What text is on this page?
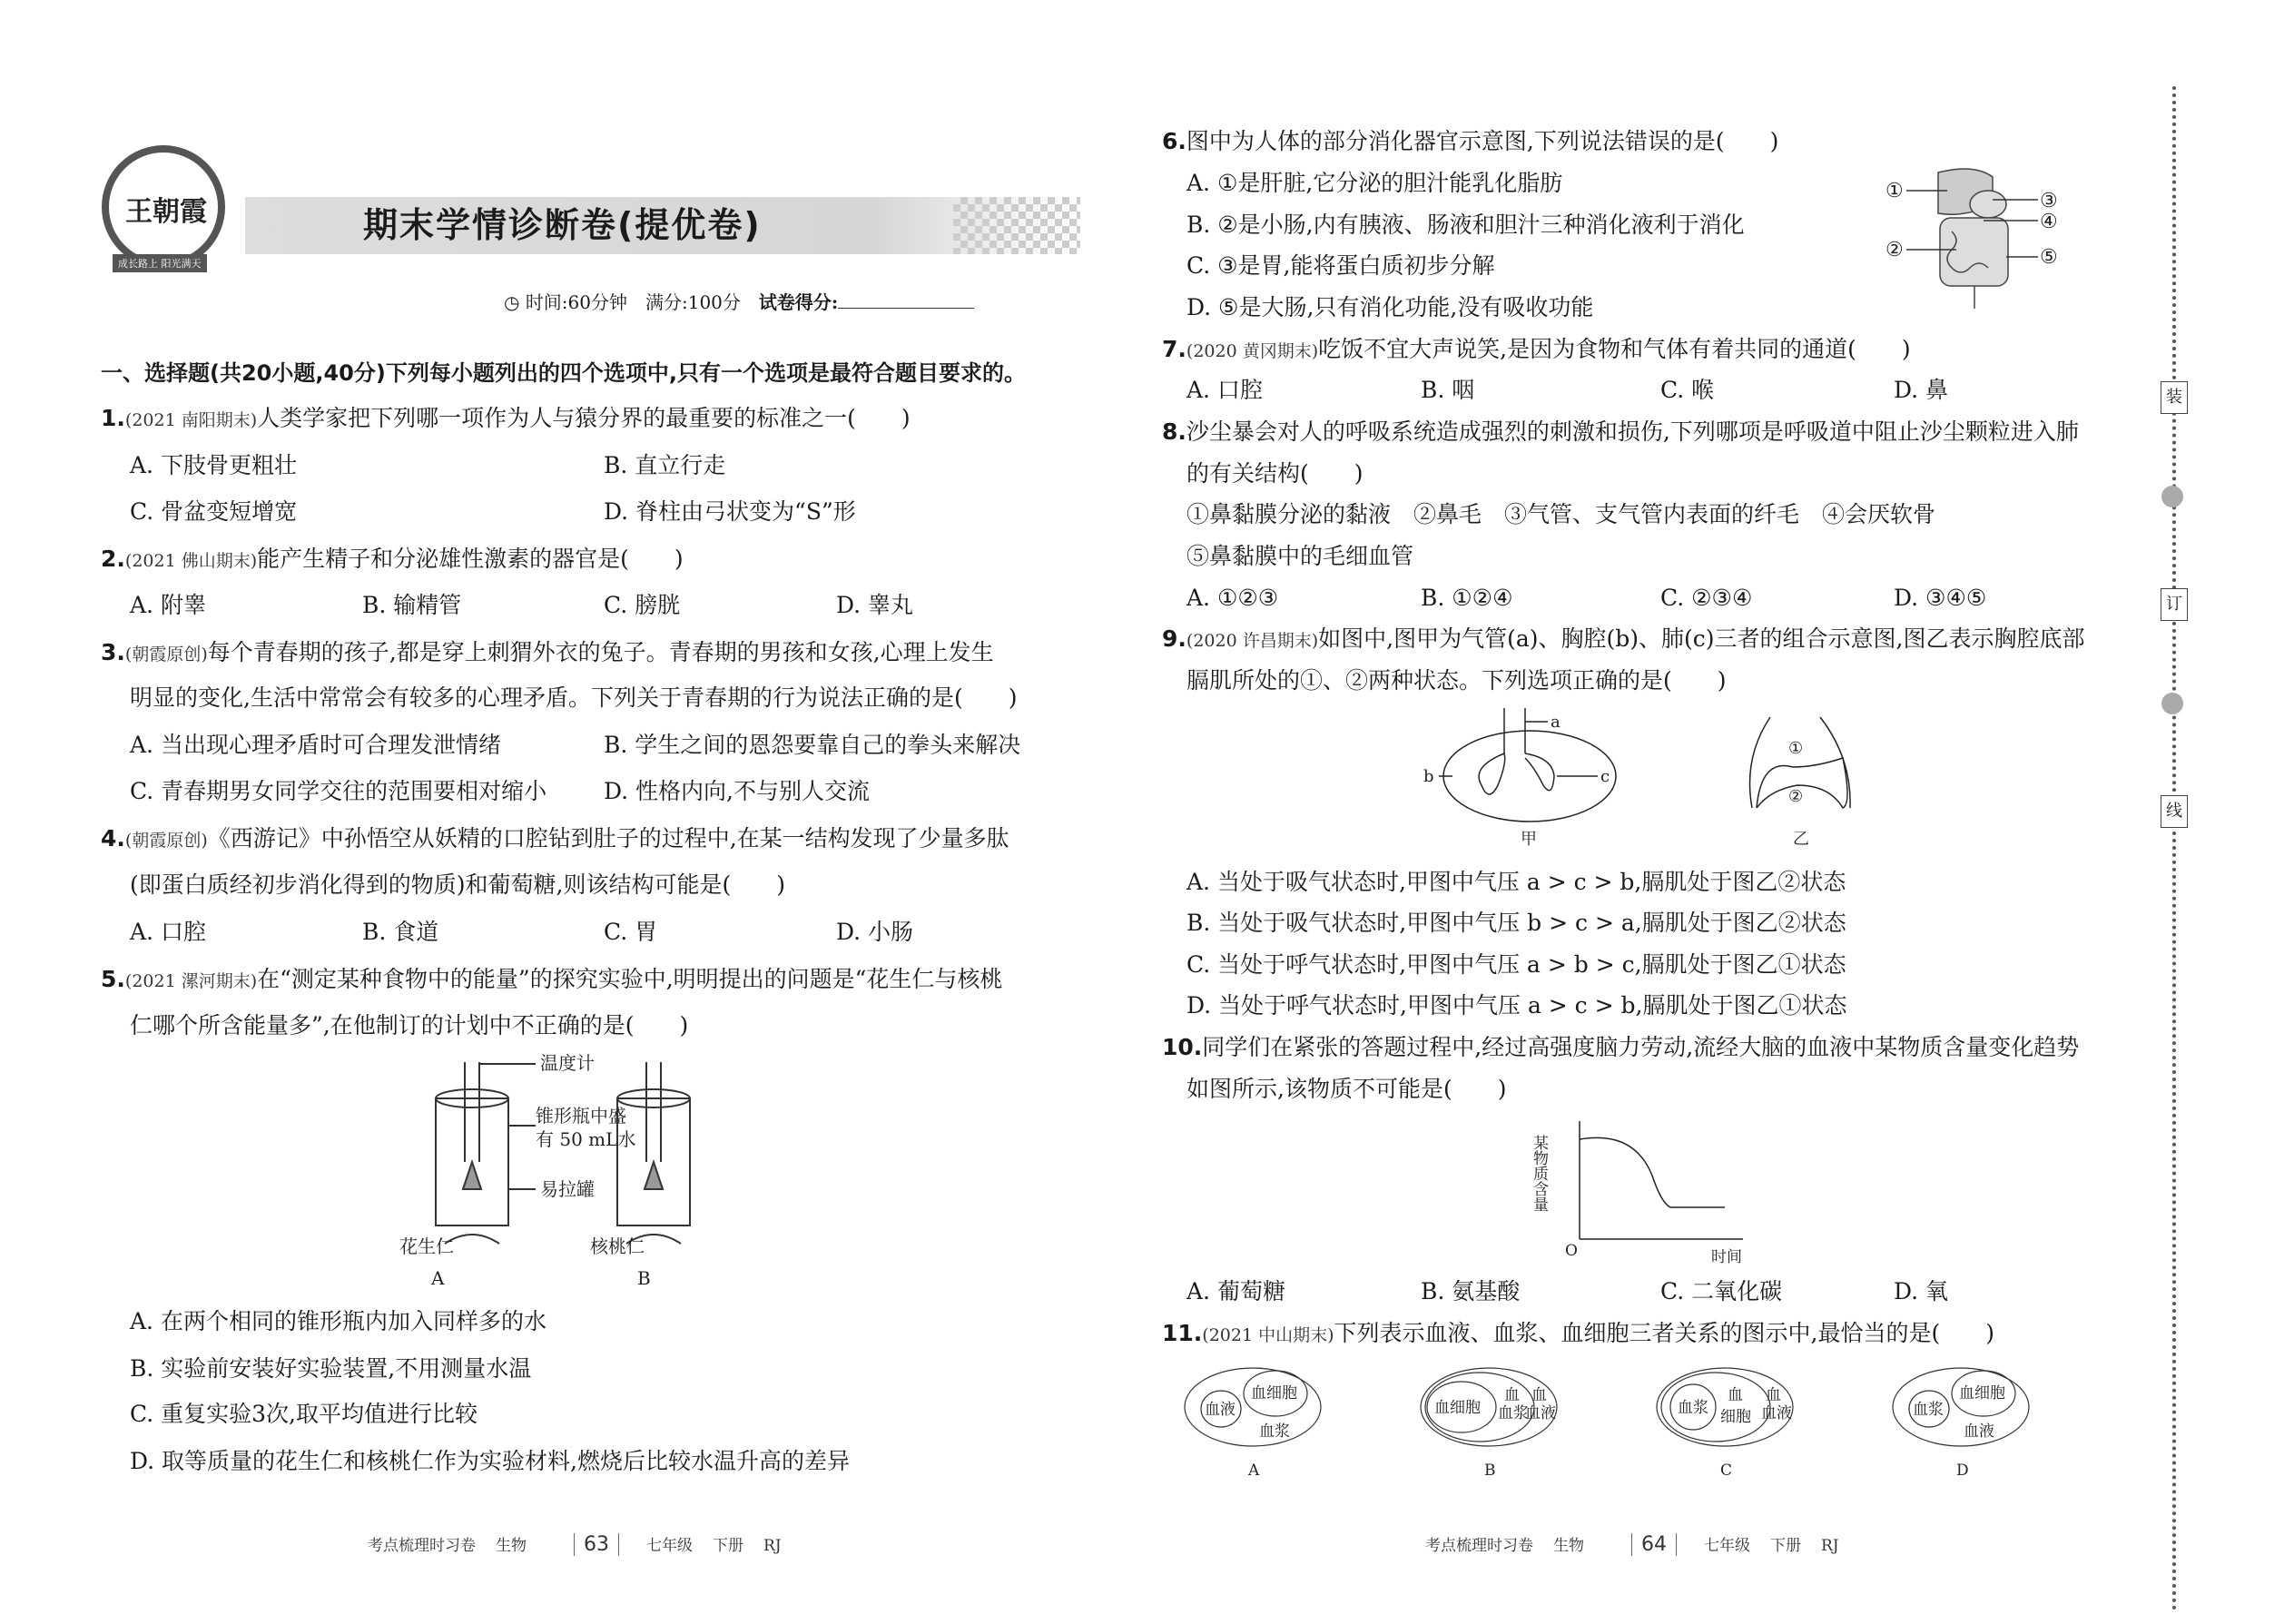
王朝霞
成长路上 阳光满天
期末学情诊断卷(提优卷)
◷ 时间:60分钟　 满分:100分　 试卷得分:
一、选择题(共20小题,40分)下列每小题列出的四个选项中,只有一个选项是最符合题目要求的。
1.(2021 南阳期末)人类学家把下列哪一项作为人与猿分界的最重要的标准之一(　　)
A. 下肢骨更粗壮	B. 直立行走
C. 骨盆变短增宽	D. 脊柱由弓状变为“S”形
2.(2021 佛山期末)能产生精子和分泌雄性激素的器官是(　　)
A. 附睾	B. 输精管	C. 膀胱	D. 睾丸
3.(朝霞原创)每个青春期的孩子,都是穿上刺猬外衣的兔子。青春期的男孩和女孩,心理上发生
明显的变化,生活中常常会有较多的心理矛盾。下列关于青春期的行为说法正确的是(　　)
A. 当出现心理矛盾时可合理发泄情绪	B. 学生之间的恩怨要靠自己的拳头来解决
C. 青春期男女同学交往的范围要相对缩小	D. 性格内向,不与别人交流
4.(朝霞原创)《西游记》中孙悟空从妖精的口腔钻到肚子的过程中,在某一结构发现了少量多肽
(即蛋白质经初步消化得到的物质)和葡萄糖,则该结构可能是(　　)
A. 口腔	B. 食道	C. 胃	D. 小肠
5.(2021 漯河期末)在“测定某种食物中的能量”的探究实验中,明明提出的问题是“花生仁与核桃
仁哪个所含能量多”,在他制订的计划中不正确的是(　　)
温度计
锥形瓶中盛
有 50 mL水
易拉罐
花生仁	核桃仁
A	B
A. 在两个相同的锥形瓶内加入同样多的水
B. 实验前安装好实验装置,不用测量水温
C. 重复实验3次,取平均值进行比较
D. 取等质量的花生仁和核桃仁作为实验材料,燃烧后比较水温升高的差异
考点梳理时习卷 生物	63 七年级 下册 RJ
6.图中为人体的部分消化器官示意图,下列说法错误的是(　　)
A. ①是肝脏,它分泌的胆汁能乳化脂肪
B. ②是小肠,内有胰液、肠液和胆汁三种消化液利于消化
C. ③是胃,能将蛋白质初步分解
D. ⑤是大肠,只有消化功能,没有吸收功能
①
②
③
④
⑤
7.(2020 黄冈期末)吃饭不宜大声说笑,是因为食物和气体有着共同的通道(　　)
A. 口腔	B. 咽	C. 喉	D. 鼻
8.沙尘暴会对人的呼吸系统造成强烈的刺激和损伤,下列哪项是呼吸道中阻止沙尘颗粒进入肺
的有关结构(　　)
①鼻黏膜分泌的黏液　②鼻毛　③气管、支气管内表面的纤毛　④会厌软骨
⑤鼻黏膜中的毛细血管
A. ①②③	B. ①②④	C. ②③④	D. ③④⑤
9.(2020 许昌期末)如图中,图甲为气管(a)、胸腔(b)、肺(c)三者的组合示意图,图乙表示胸腔底部
膈肌所处的①、②两种状态。下列选项正确的是(　　)
a
b	c
①
②
甲	乙
A. 当处于吸气状态时,甲图中气压 a > c > b,膈肌处于图乙②状态
B. 当处于吸气状态时,甲图中气压 b > c > a,膈肌处于图乙②状态
C. 当处于呼气状态时,甲图中气压 a > b > c,膈肌处于图乙①状态
D. 当处于呼气状态时,甲图中气压 a > c > b,膈肌处于图乙①状态
10.同学们在紧张的答题过程中,经过高强度脑力劳动,流经大脑的血液中某物质含量变化趋势
如图所示,该物质不可能是(　　)
某物质含量
O	时间
A. 葡萄糖	B. 氨基酸	C. 二氧化碳	D. 氧
11.(2021 中山期末)下列表示血液、血浆、血细胞三者关系的图示中,最恰当的是(　　)
血液
血细胞
血浆
血细胞
血
血浆
血
血液	血浆
血
细胞
血
血液	血浆
血细胞
血液
A	B	C	D
考点梳理时习卷 生物	64 七年级 下册 RJ
装
订
线
